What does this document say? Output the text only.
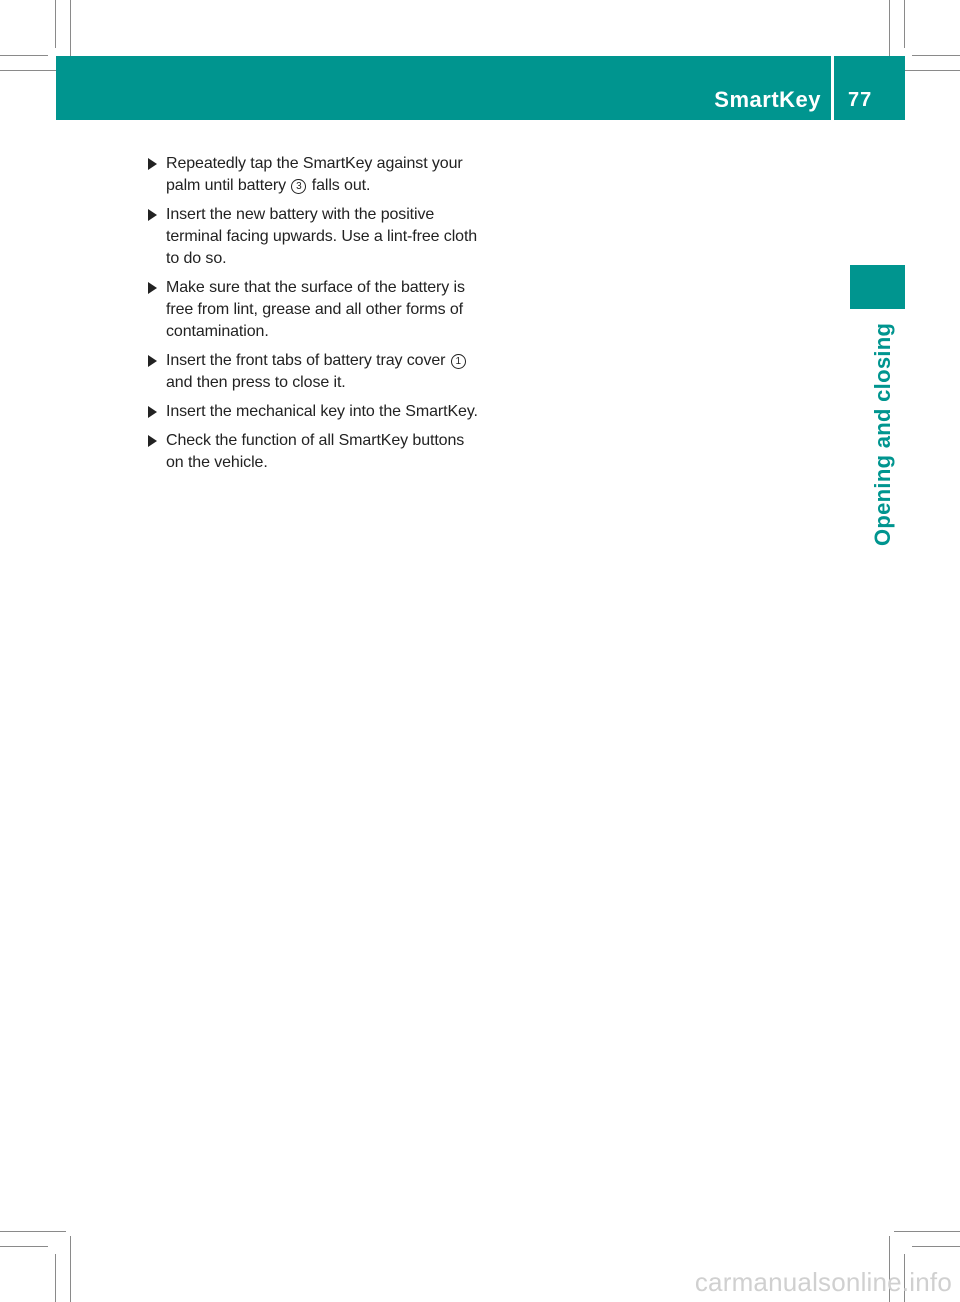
SmartKey 77
Opening and closing
Repeatedly tap the SmartKey against your palm until battery 3 falls out.
Insert the new battery with the positive terminal facing upwards. Use a lint-free cloth to do so.
Make sure that the surface of the battery is free from lint, grease and all other forms of contamination.
Insert the front tabs of battery tray cover 1 and then press to close it.
Insert the mechanical key into the SmartKey.
Check the function of all SmartKey buttons on the vehicle.
carmanualsonline.info
